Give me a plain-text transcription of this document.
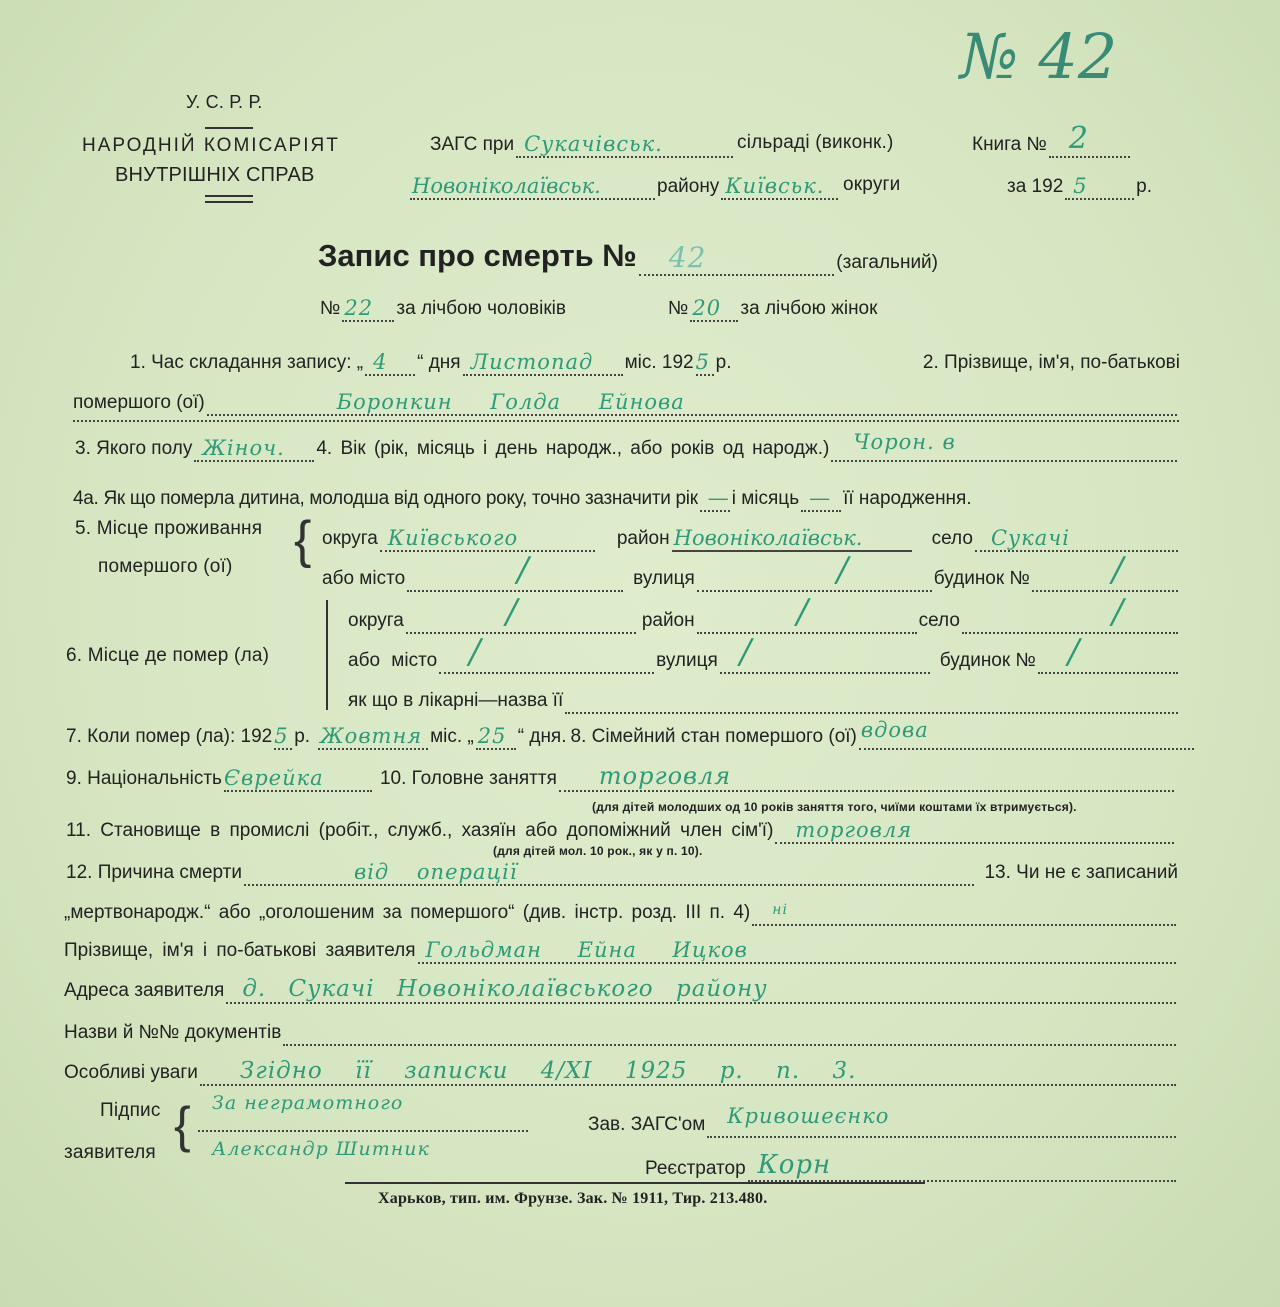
№ 42
У. С. Р. Р.
НАРОДНІЙ КОМІСАРІЯТ
ВНУТРІШНІХ СПРАВ
ЗАГС при Сукачівськ.	сільраді (виконк.)	Книга № 2
Новоніколаївськ.	району Київськ. округи	за 192 5	р.
Запис про смерть № 42	(загальний)
№ 22 за лічбою чоловіків	№ 20 за лічбою жінок
1. Час складання запису: „ 4 “ дня Листопад міс. 192 5 р.	2. Прізвище, ім'я, по-батькові
помершого (ої)	Боронкин Голда Ейнова
3. Якого полу Жіноч. 4. Вік (рік, місяць і день народж., або років од народж.) Чорон. в
4а. Як що померла дитина, молодша від одного року, точно зазначити рік — і місяць — її народження.
5. Місце проживання
помершого (ої) { округа Київського	район Новоніколаївськ.	село Сукачі
або місто	/	вулиця	/	будинок № /
6. Місце де помер (ла)
округа	/	район	/	село	/
або місто /	вулиця /	будинок № /
як що в лікарні—назва її
7. Коли помер (ла): 192 5 р. Жовтня міс. „ 25 “ дня. 8. Сімейний стан помершого (ої) вдова
9. Національність Єврейка	10. Головне заняття торговля
(для дітей молодших од 10 років заняття того, чиїми коштами їх втримується).
11. Становище в промислі (робіт., служб., хазяїн або допоміжний член сім'ї) торговля
(для дітей мол. 10 рок., як у п. 10).
12. Причина смерти	від операції	13. Чи не є записаний
„мертвонародж.“ або „оголошеним за помершого“ (див. інстр. розд. III п. 4) ні
Прізвище, ім'я і по-батькові заявителя Гольдман Ейна Ицков
Адреса заявителя д. Сукачі Новоніколаївського району
Назви й №№ документів
Особливі уваги Згідно її записки 4/XI 1925 р. п. 3.
Підпис
заявителя { За неграмотного
Александр Шитник
Зав. ЗАГС'ом Кривошеєнко
Реєстратор Корн
Харьков, тип. им. Фрунзе. Зак. № 1911, Тир. 213.480.
